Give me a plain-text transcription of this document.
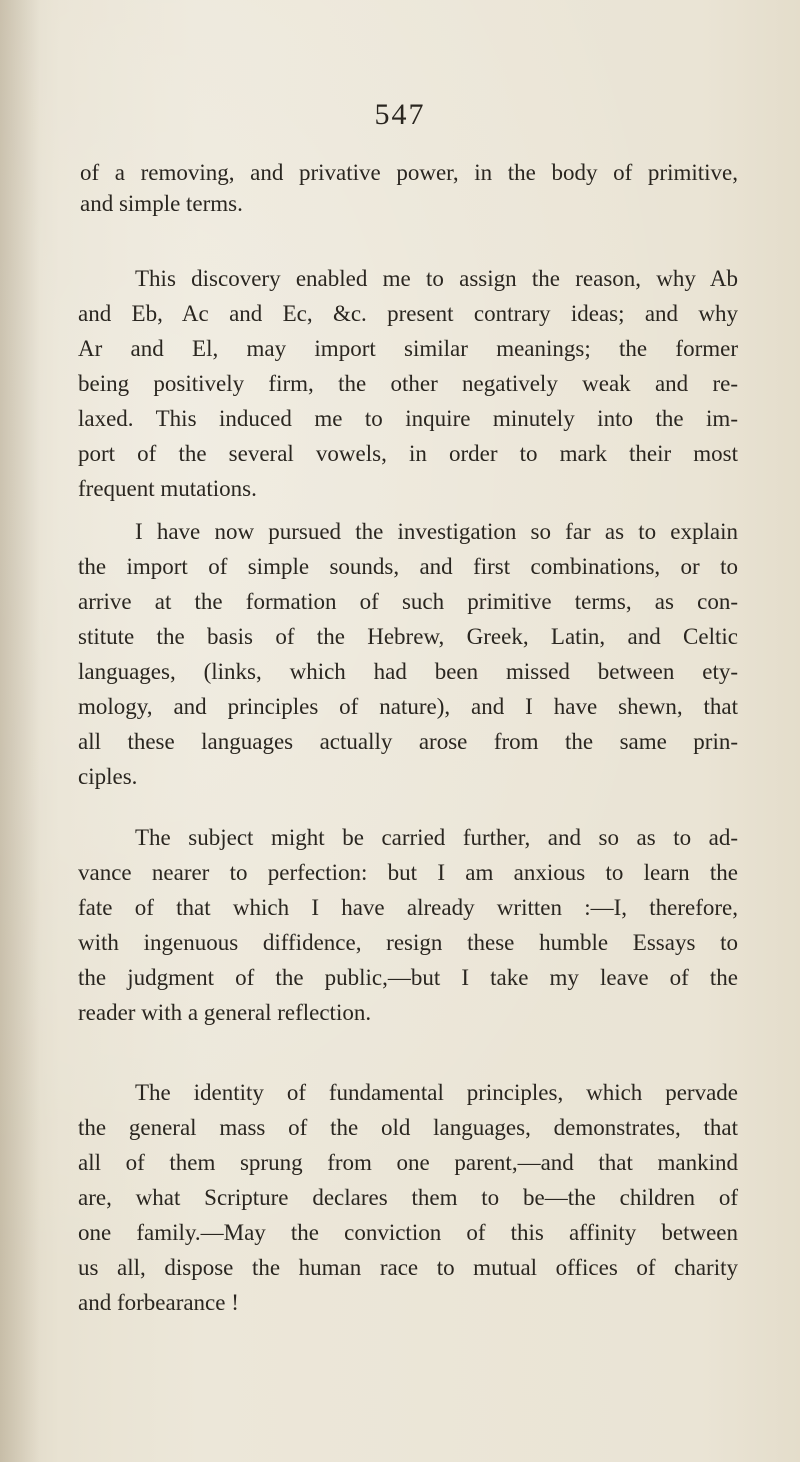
547
of a removing, and privative power, in the body of primitive,
and simple terms.
This discovery enabled me to assign the reason, why Ab
and Eb, Ac and Ec, &c. present contrary ideas; and why
Ar and El, may import similar meanings; the former
being positively firm, the other negatively weak and re-
laxed. This induced me to inquire minutely into the im-
port of the several vowels, in order to mark their most
frequent mutations.
I have now pursued the investigation so far as to explain
the import of simple sounds, and first combinations, or to
arrive at the formation of such primitive terms, as con-
stitute the basis of the Hebrew, Greek, Latin, and Celtic
languages, (links, which had been missed between ety-
mology, and principles of nature), and I have shewn, that
all these languages actually arose from the same prin-
ciples.
The subject might be carried further, and so as to ad-
vance nearer to perfection: but I am anxious to learn the
fate of that which I have already written :—I, therefore,
with ingenuous diffidence, resign these humble Essays to
the judgment of the public,—but I take my leave of the
reader with a general reflection.
The identity of fundamental principles, which pervade
the general mass of the old languages, demonstrates, that
all of them sprung from one parent,—and that mankind
are, what Scripture declares them to be—the children of
one family.—May the conviction of this affinity between
us all, dispose the human race to mutual offices of charity
and forbearance !
